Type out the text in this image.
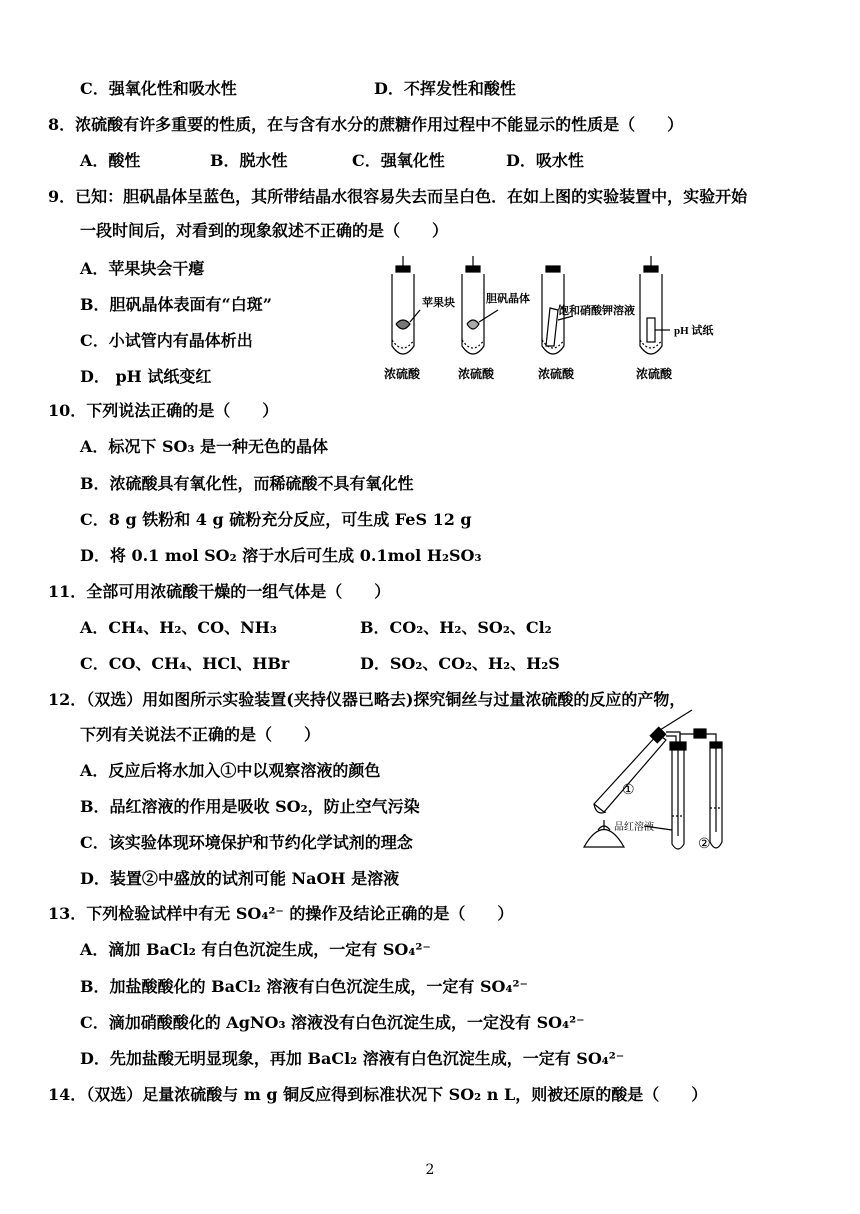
C．强氧化性和吸水性	D．不挥发性和酸性
8．浓硫酸有许多重要的性质，在与含有水分的蔗糖作用过程中不能显示的性质是（　　）
A．酸性	B．脱水性	C．强氧化性	D．吸水性
9．已知：胆矾晶体呈蓝色，其所带结晶水很容易失去而呈白色．在如上图的实验装置中，实验开始
一段时间后，对看到的现象叙述不正确的是（　　）
A．苹果块会干瘪
B．胆矾晶体表面有“白斑”
C．小试管内有晶体析出
D． pH 试纸变红
10．下列说法正确的是（　　）
A．标况下 SO₃ 是一种无色的晶体
B．浓硫酸具有氧化性，而稀硫酸不具有氧化性
C．8 g 铁粉和 4 g 硫粉充分反应，可生成 FeS 12 g
D．将 0.1 mol SO₂ 溶于水后可生成 0.1mol H₂SO₃
11．全部可用浓硫酸干燥的一组气体是（　　）
A．CH₄、H₂、CO、NH₃	B．CO₂、H₂、SO₂、Cl₂
C．CO、CH₄、HCl、HBr	D．SO₂、CO₂、H₂、H₂S
12．（双选）用如图所示实验装置(夹持仪器已略去)探究铜丝与过量浓硫酸的反应的产物，
下列有关说法不正确的是（　　）
A．反应后将水加入①中以观察溶液的颜色
B．品红溶液的作用是吸收 SO₂，防止空气污染
C．该实验体现环境保护和节约化学试剂的理念
D．装置②中盛放的试剂可能 NaOH 是溶液
13．下列检验试样中有无 SO₄²⁻ 的操作及结论正确的是（　　）
A．滴加 BaCl₂ 有白色沉淀生成，一定有 SO₄²⁻
B．加盐酸酸化的 BaCl₂ 溶液有白色沉淀生成，一定有 SO₄²⁻
C．滴加硝酸酸化的 AgNO₃ 溶液没有白色沉淀生成，一定没有 SO₄²⁻
D．先加盐酸无明显现象，再加 BaCl₂ 溶液有白色沉淀生成，一定有 SO₄²⁻
14．（双选）足量浓硫酸与 m g 铜反应得到标准状况下 SO₂ n L，则被还原的酸是（　　）
苹果块	胆矾晶体
饱和硝酸钾溶液
pH 试纸
浓硫酸	浓硫酸	浓硫酸	浓硫酸
①
②
品红溶液
2
